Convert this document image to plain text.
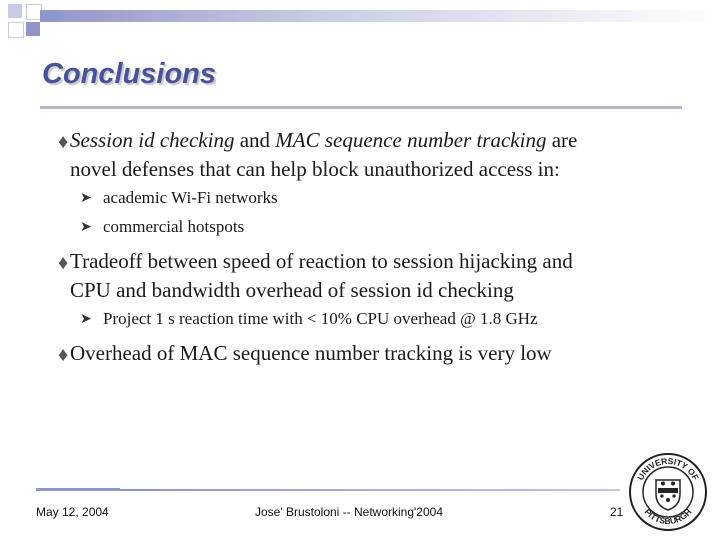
Conclusions
♦ Session id checking and MAC sequence number tracking are
novel defenses that can help block unauthorized access in:
➤ academic Wi-Fi networks
➤ commercial hotspots
♦ Tradeoff between speed of reaction to session hijacking and
CPU and bandwidth overhead of session id checking
➤ Project 1 s reaction time with < 10% CPU overhead @ 1.8 GHz
♦ Overhead of MAC sequence number tracking is very low
May 12, 2004	Jose' Brustoloni -- Networking'2004	21
UNIVERSITY OF
PITTSBURGH
